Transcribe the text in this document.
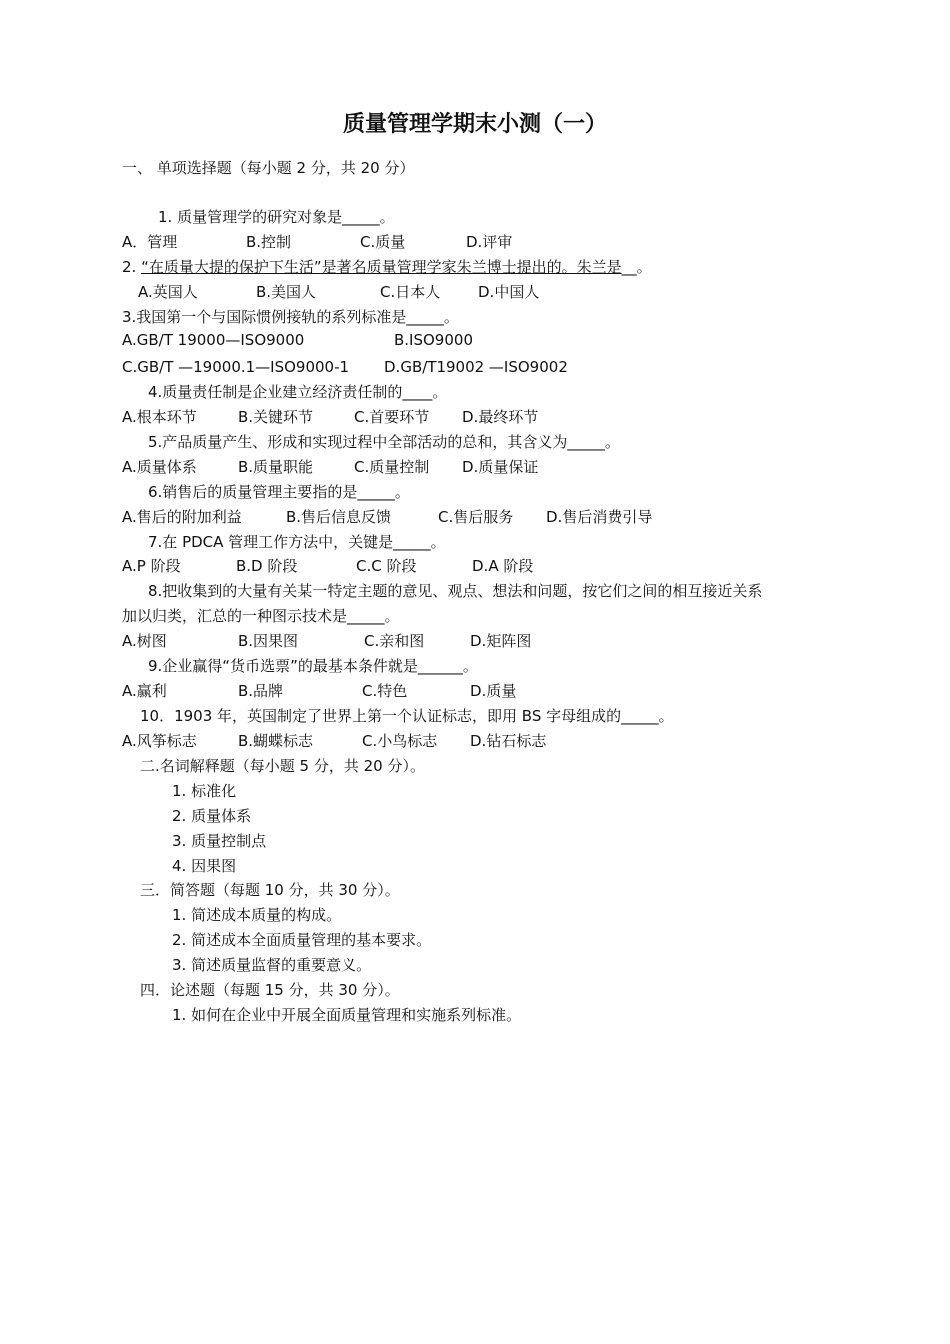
质量管理学期末小测（一）
一、 单项选择题（每小题 2 分，共 20 分）
1. 质量管理学的研究对象是_____。
A．管理	B.控制	C.质量	D.评审
2. “在质量大提的保护下生活”是著名质量管理学家朱兰博士提出的。朱兰是__。
A.英国人	B.美国人	C.日本人	D.中国人
3.我国第一个与国际惯例接轨的系列标准是_____。
A.GB/T 19000—ISO9000	B.ISO9000
C.GB/T —19000.1—ISO9000-1 D.GB/T19002 —ISO9002
4.质量责任制是企业建立经济责任制的____。
A.根本环节	B.关键环节	C.首要环节 D.最终环节
5.产品质量产生、形成和实现过程中全部活动的总和，其含义为_____。
A.质量体系	B.质量职能	C.质量控制 D.质量保证
6.销售后的质量管理主要指的是_____。
A.售后的附加利益	B.售后信息反馈	C.售后服务 D.售后消费引导
7.在 PDCA 管理工作方法中，关键是_____。
A.P 阶段	B.D 阶段	C.C 阶段	D.A 阶段
8.把收集到的大量有关某一特定主题的意见、观点、想法和问题，按它们之间的相互接近关系
加以归类，汇总的一种图示技术是_____。
A.树图	B.因果图	C.亲和图	D.矩阵图
9.企业赢得“货币选票”的最基本条件就是______。
A.赢利	B.品牌	C.特色	D.质量
10．1903 年，英国制定了世界上第一个认证标志，即用 BS 字母组成的_____。
A.风筝标志	B.蝴蝶标志	C.小鸟标志 D.钻石标志
二.名词解释题（每小题 5 分，共 20 分）。
1. 标准化
2. 质量体系
3. 质量控制点
4. 因果图
三．简答题（每题 10 分，共 30 分）。
1. 简述成本质量的构成。
2. 简述成本全面质量管理的基本要求。
3. 简述质量监督的重要意义。
四．论述题（每题 15 分，共 30 分）。
1. 如何在企业中开展全面质量管理和实施系列标准。
